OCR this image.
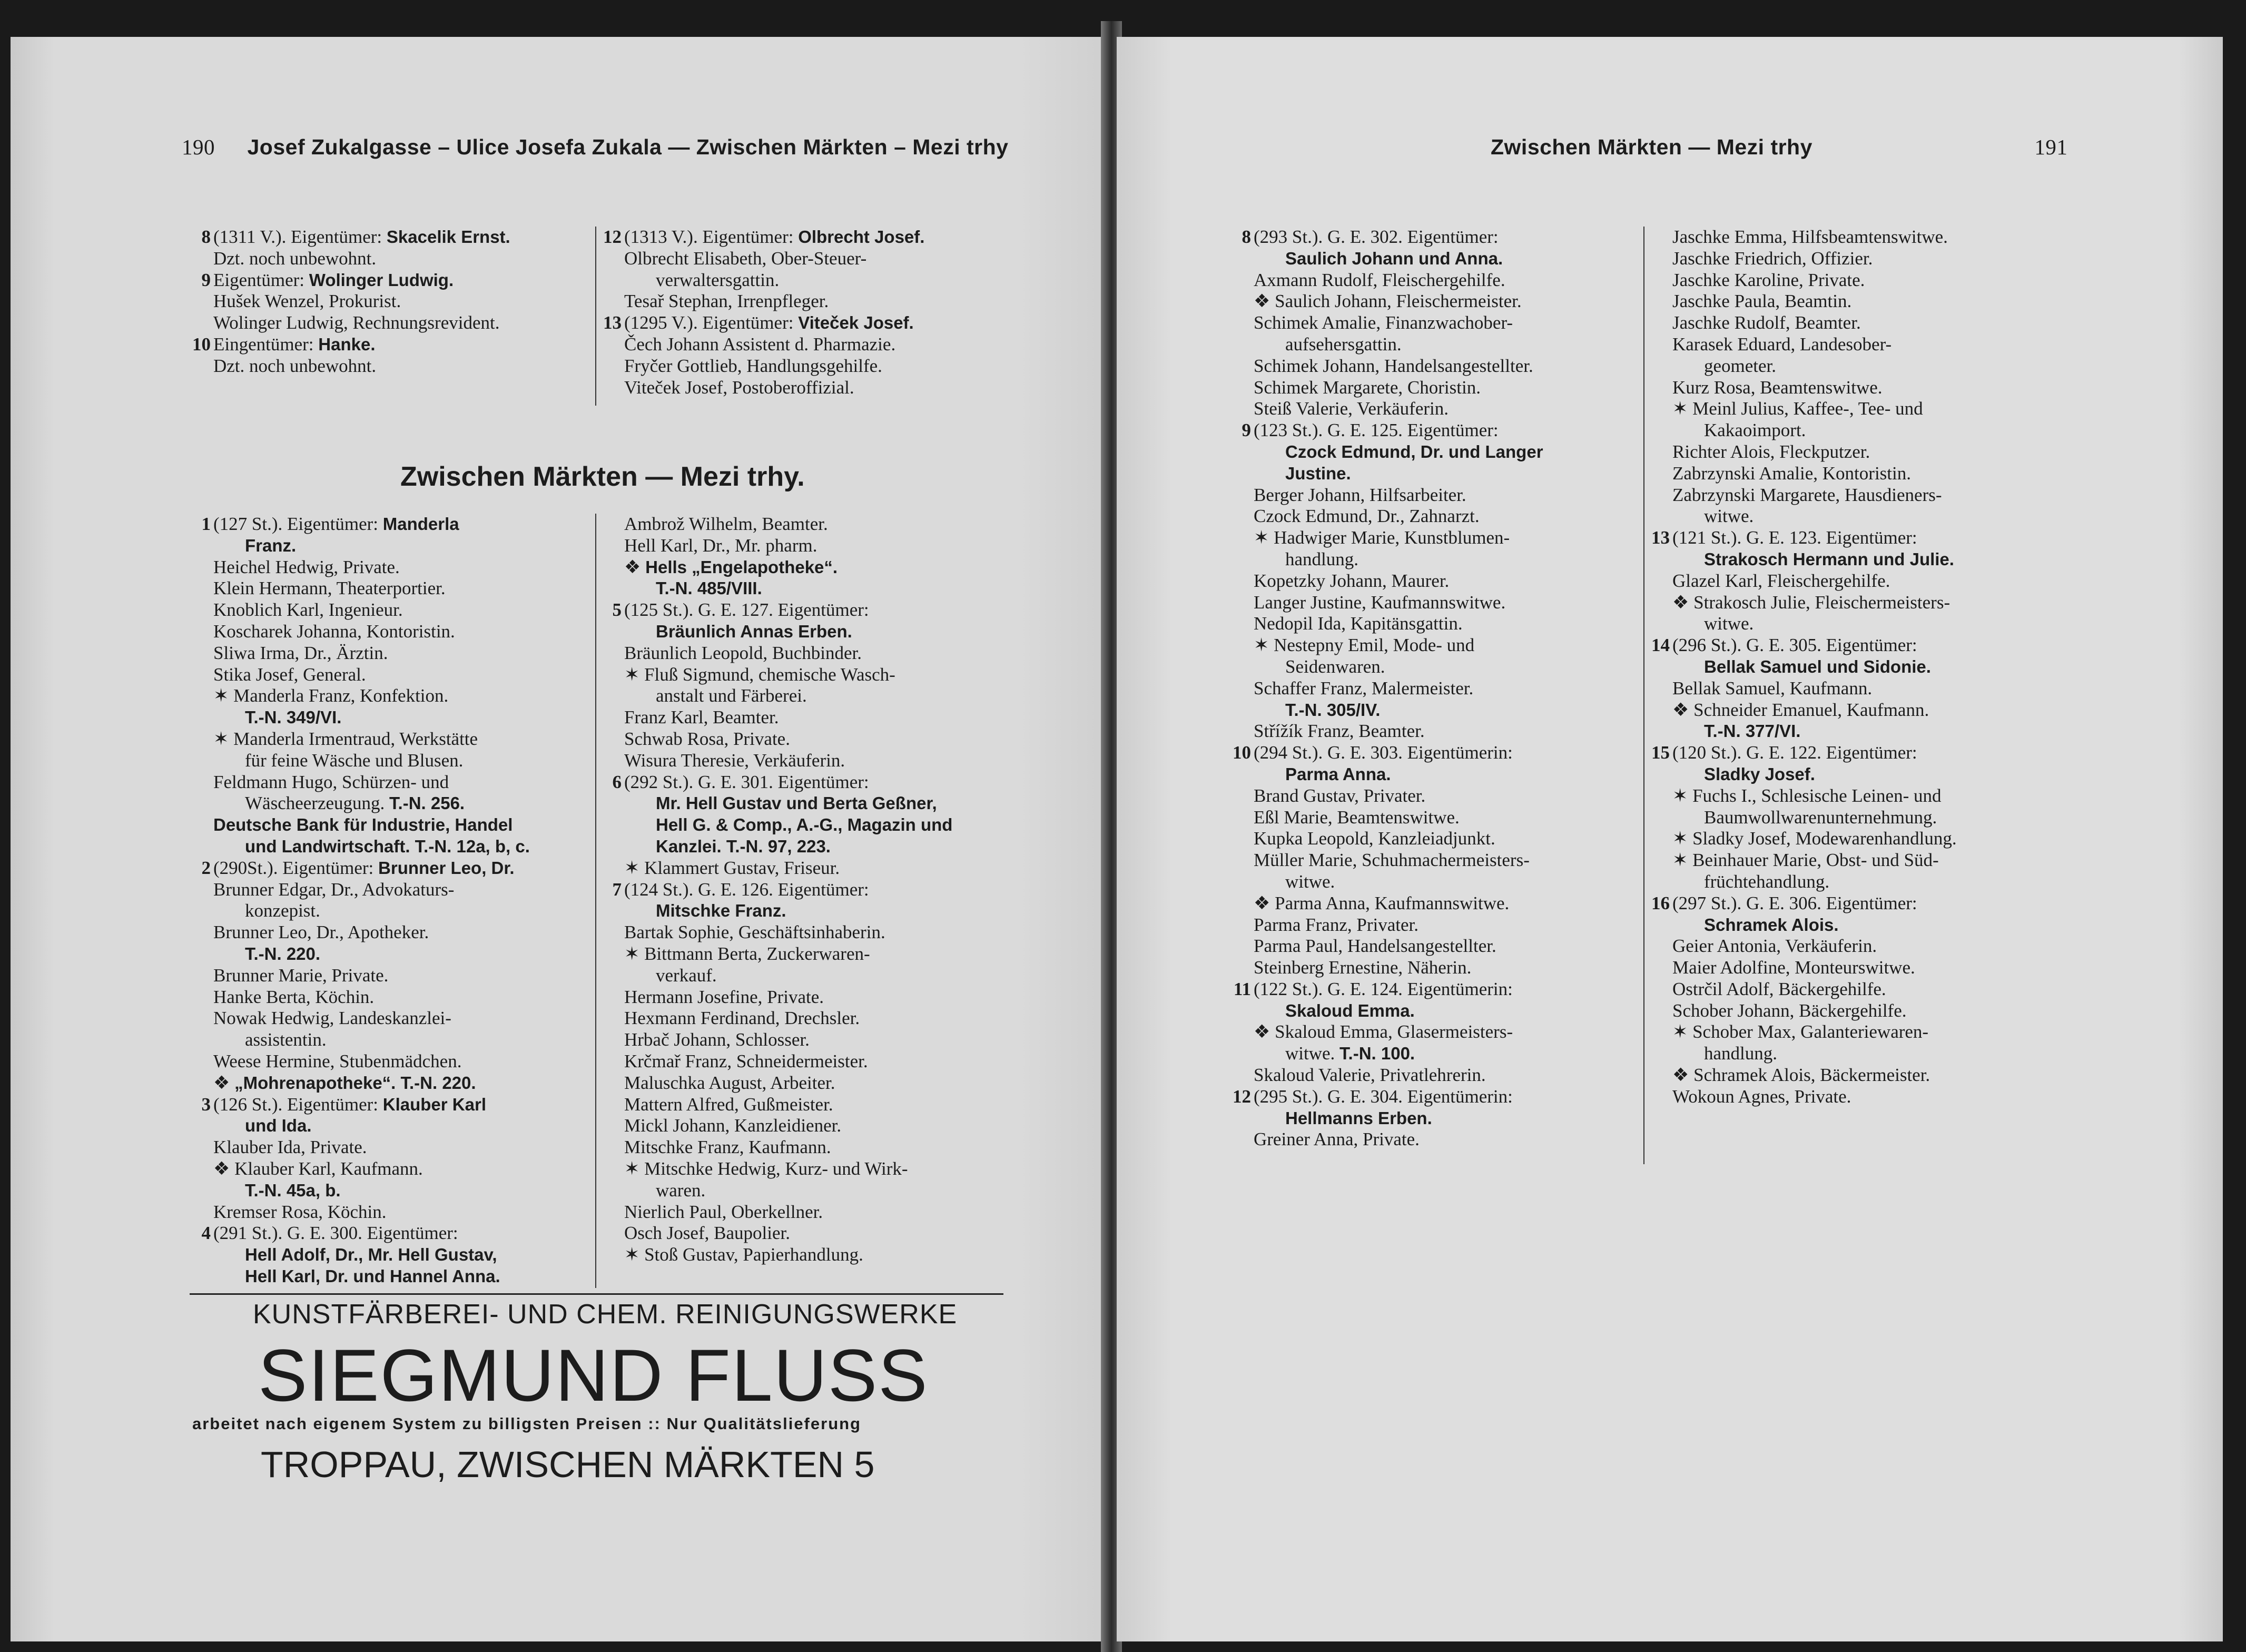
190 Josef Zukalgasse – Ulice Josefa Zukala — Zwischen Märkten – Mezi trhy
8 (1311 V.). Eigentümer: Skacelik Ernst.
Dzt. noch unbewohnt.
9 Eigentümer: Wolinger Ludwig.
Hušek Wenzel, Prokurist.
Wolinger Ludwig, Rechnungsrevident.
10 Eingentümer: Hanke.
Dzt. noch unbewohnt.
12 (1313 V.). Eigentümer: Olbrecht Josef.
Olbrecht Elisabeth, Ober-Steuer-
verwaltersgattin.
Tesař Stephan, Irrenpfleger.
13 (1295 V.). Eigentümer: Viteček Josef.
Čech Johann Assistent d. Pharmazie.
Fryčer Gottlieb, Handlungsgehilfe.
Viteček Josef, Postoberoffizial.
Zwischen Märkten — Mezi trhy.
1 (127 St.). Eigentümer: Manderla
Franz.
Heichel Hedwig, Private.
Klein Hermann, Theaterportier.
Knoblich Karl, Ingenieur.
Koscharek Johanna, Kontoristin.
Sliwa Irma, Dr., Ärztin.
Stika Josef, General.
✶ Manderla Franz, Konfektion.
T.-N. 349/VI.
✶ Manderla Irmentraud, Werkstätte
für feine Wäsche und Blusen.
Feldmann Hugo, Schürzen- und
Wäscheerzeugung. T.-N. 256.
Deutsche Bank für Industrie, Handel
und Landwirtschaft. T.-N. 12a, b, c.
2 (290St.). Eigentümer: Brunner Leo, Dr.
Brunner Edgar, Dr., Advokaturs-
konzepist.
Brunner Leo, Dr., Apotheker.
T.-N. 220.
Brunner Marie, Private.
Hanke Berta, Köchin.
Nowak Hedwig, Landeskanzlei-
assistentin.
Weese Hermine, Stubenmädchen.
❖ „Mohrenapotheke“. T.-N. 220.
3 (126 St.). Eigentümer: Klauber Karl
und Ida.
Klauber Ida, Private.
❖ Klauber Karl, Kaufmann.
T.-N. 45a, b.
Kremser Rosa, Köchin.
4 (291 St.). G. E. 300. Eigentümer:
Hell Adolf, Dr., Mr. Hell Gustav,
Hell Karl, Dr. und Hannel Anna.
Ambrož Wilhelm, Beamter.
Hell Karl, Dr., Mr. pharm.
❖ Hells „Engelapotheke“.
T.-N. 485/VIII.
5 (125 St.). G. E. 127. Eigentümer:
Bräunlich Annas Erben.
Bräunlich Leopold, Buchbinder.
✶ Fluß Sigmund, chemische Wasch-
anstalt und Färberei.
Franz Karl, Beamter.
Schwab Rosa, Private.
Wisura Theresie, Verkäuferin.
6 (292 St.). G. E. 301. Eigentümer:
Mr. Hell Gustav und Berta Geßner,
Hell G. & Comp., A.-G., Magazin und
Kanzlei. T.-N. 97, 223.
✶ Klammert Gustav, Friseur.
7 (124 St.). G. E. 126. Eigentümer:
Mitschke Franz.
Bartak Sophie, Geschäftsinhaberin.
✶ Bittmann Berta, Zuckerwaren-
verkauf.
Hermann Josefine, Private.
Hexmann Ferdinand, Drechsler.
Hrbač Johann, Schlosser.
Krčmař Franz, Schneidermeister.
Maluschka August, Arbeiter.
Mattern Alfred, Gußmeister.
Mickl Johann, Kanzleidiener.
Mitschke Franz, Kaufmann.
✶ Mitschke Hedwig, Kurz- und Wirk-
waren.
Nierlich Paul, Oberkellner.
Osch Josef, Baupolier.
✶ Stoß Gustav, Papierhandlung.
KUNSTFÄRBEREI- UND CHEM. REINIGUNGSWERKE
SIEGMUND FLUSS
arbeitet nach eigenem System zu billigsten Preisen :: Nur Qualitätslieferung
TROPPAU, ZWISCHEN MÄRKTEN 5
Zwischen Märkten — Mezi trhy	191
8 (293 St.). G. E. 302. Eigentümer:
Saulich Johann und Anna.
Axmann Rudolf, Fleischergehilfe.
❖ Saulich Johann, Fleischermeister.
Schimek Amalie, Finanzwachober-
aufsehersgattin.
Schimek Johann, Handelsangestellter.
Schimek Margarete, Choristin.
Steiß Valerie, Verkäuferin.
9 (123 St.). G. E. 125. Eigentümer:
Czock Edmund, Dr. und Langer
Justine.
Berger Johann, Hilfsarbeiter.
Czock Edmund, Dr., Zahnarzt.
✶ Hadwiger Marie, Kunstblumen-
handlung.
Kopetzky Johann, Maurer.
Langer Justine, Kaufmannswitwe.
Nedopil Ida, Kapitänsgattin.
✶ Nestepny Emil, Mode- und
Seidenwaren.
Schaffer Franz, Malermeister.
T.-N. 305/IV.
Střížík Franz, Beamter.
10 (294 St.). G. E. 303. Eigentümerin:
Parma Anna.
Brand Gustav, Privater.
Eßl Marie, Beamtenswitwe.
Kupka Leopold, Kanzleiadjunkt.
Müller Marie, Schuhmachermeisters-
witwe.
❖ Parma Anna, Kaufmannswitwe.
Parma Franz, Privater.
Parma Paul, Handelsangestellter.
Steinberg Ernestine, Näherin.
11 (122 St.). G. E. 124. Eigentümerin:
Skaloud Emma.
❖ Skaloud Emma, Glasermeisters-
witwe. T.-N. 100.
Skaloud Valerie, Privatlehrerin.
12 (295 St.). G. E. 304. Eigentümerin:
Hellmanns Erben.
Greiner Anna, Private.
Jaschke Emma, Hilfsbeamtenswitwe.
Jaschke Friedrich, Offizier.
Jaschke Karoline, Private.
Jaschke Paula, Beamtin.
Jaschke Rudolf, Beamter.
Karasek Eduard, Landesober-
geometer.
Kurz Rosa, Beamtenswitwe.
✶ Meinl Julius, Kaffee-, Tee- und
Kakaoimport.
Richter Alois, Fleckputzer.
Zabrzynski Amalie, Kontoristin.
Zabrzynski Margarete, Hausdieners-
witwe.
13 (121 St.). G. E. 123. Eigentümer:
Strakosch Hermann und Julie.
Glazel Karl, Fleischergehilfe.
❖ Strakosch Julie, Fleischermeisters-
witwe.
14 (296 St.). G. E. 305. Eigentümer:
Bellak Samuel und Sidonie.
Bellak Samuel, Kaufmann.
❖ Schneider Emanuel, Kaufmann.
T.-N. 377/VI.
15 (120 St.). G. E. 122. Eigentümer:
Sladky Josef.
✶ Fuchs I., Schlesische Leinen- und
Baumwollwarenunternehmung.
✶ Sladky Josef, Modewarenhandlung.
✶ Beinhauer Marie, Obst- und Süd-
früchtehandlung.
16 (297 St.). G. E. 306. Eigentümer:
Schramek Alois.
Geier Antonia, Verkäuferin.
Maier Adolfine, Monteurswitwe.
Ostrčil Adolf, Bäckergehilfe.
Schober Johann, Bäckergehilfe.
✶ Schober Max, Galanteriewaren-
handlung.
❖ Schramek Alois, Bäckermeister.
Wokoun Agnes, Private.
